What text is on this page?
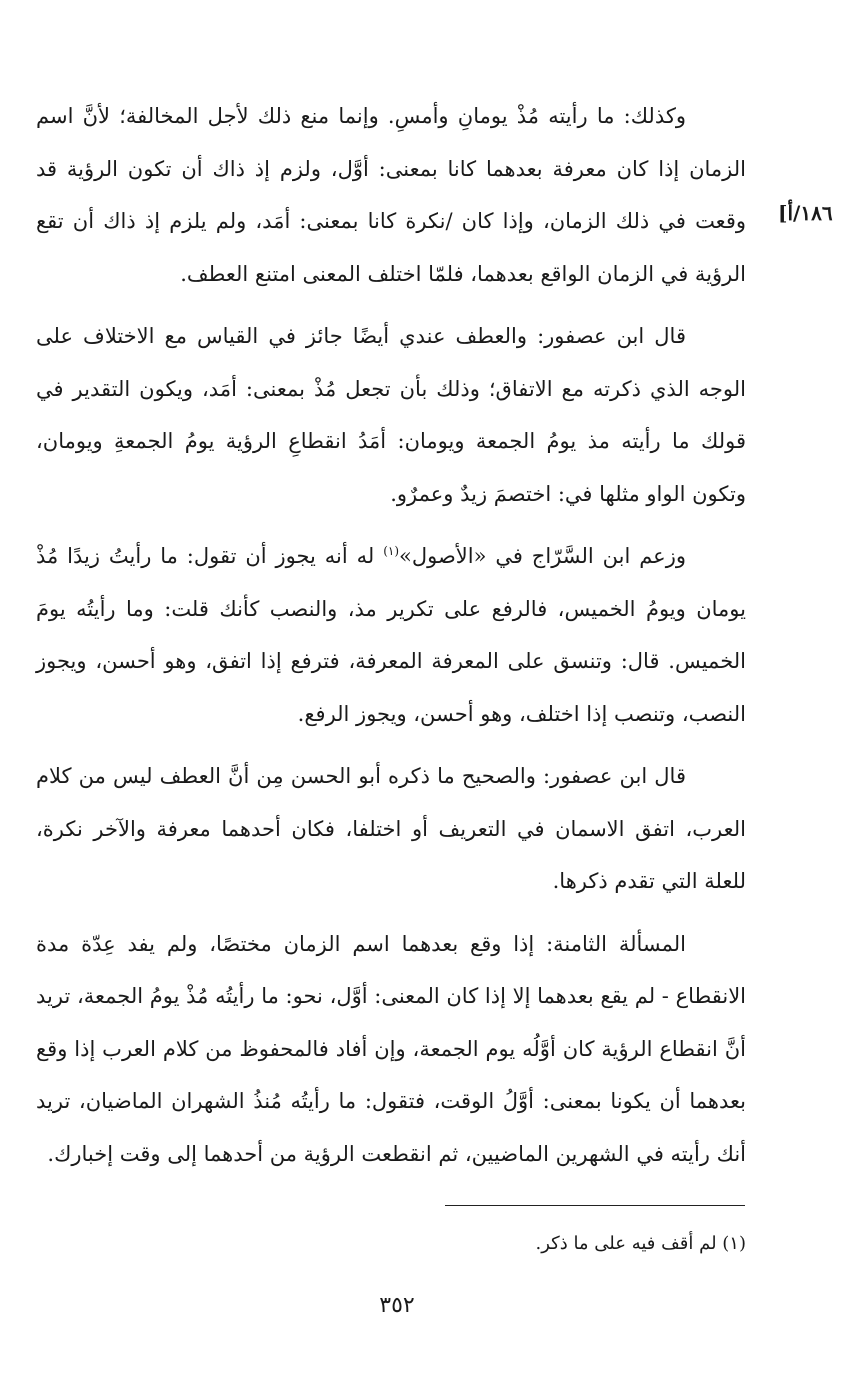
١٨٦/أ]

وكذلك: ما رأيته مُذْ يومانِ وأمسِ. وإنما منع ذلك لأجل المخالفة؛ لأنَّ اسم الزمان إذا كان معرفة بعدهما كانا بمعنى: أوَّل، ولزم إذ ذاك أن تكون الرؤية قد وقعت في ذلك الزمان، وإذا كان /نكرة كانا بمعنى: أمَد، ولم يلزم إذ ذاك أن تقع الرؤية في الزمان الواقع بعدهما، فلمّا اختلف المعنى امتنع العطف.

قال ابن عصفور: والعطف عندي أيضًا جائز في القياس مع الاختلاف على الوجه الذي ذكرته مع الاتفاق؛ وذلك بأن تجعل مُذْ بمعنى: أمَد، ويكون التقدير في قولك ما رأيته مذ يومُ الجمعة ويومان: أمَدُ انقطاعِ الرؤية يومُ الجمعةِ ويومان، وتكون الواو مثلها في: اختصمَ زيدٌ وعمرٌو.

وزعم ابن السَّرّاج في «الأصول»$^{(١)}$ له أنه يجوز أن تقول: ما رأيتُ زيدًا مُذْ يومان ويومُ الخميس، فالرفع على تكرير مذ، والنصب كأنك قلت: وما رأيتُه يومَ الخميس. قال: وتنسق على المعرفة المعرفة، فترفع إذا اتفق، وهو أحسن، ويجوز النصب، وتنصب إذا اختلف، وهو أحسن، ويجوز الرفع.

قال ابن عصفور: والصحيح ما ذكره أبو الحسن مِن أنَّ العطف ليس من كلام العرب، اتفق الاسمان في التعريف أو اختلفا، فكان أحدهما معرفة والآخر نكرة، للعلة التي تقدم ذكرها.

المسألة الثامنة: إذا وقع بعدهما اسم الزمان مختصًا، ولم يفد عِدّة مدة الانقطاع - لم يقع بعدهما إلا إذا كان المعنى: أوَّل، نحو: ما رأيتُه مُذْ يومُ الجمعة، تريد أنَّ انقطاع الرؤية كان أوَّلُه يوم الجمعة، وإن أفاد فالمحفوظ من كلام العرب إذا وقع بعدهما أن يكونا بمعنى: أوَّلُ الوقت، فتقول: ما رأيتُه مُنذُ الشهران الماضيان، تريد أنك رأيته في الشهرين الماضيين، ثم انقطعت الرؤية من أحدهما إلى وقت إخبارك.

(١) لم أقف فيه على ما ذكر.
٣٥٢
